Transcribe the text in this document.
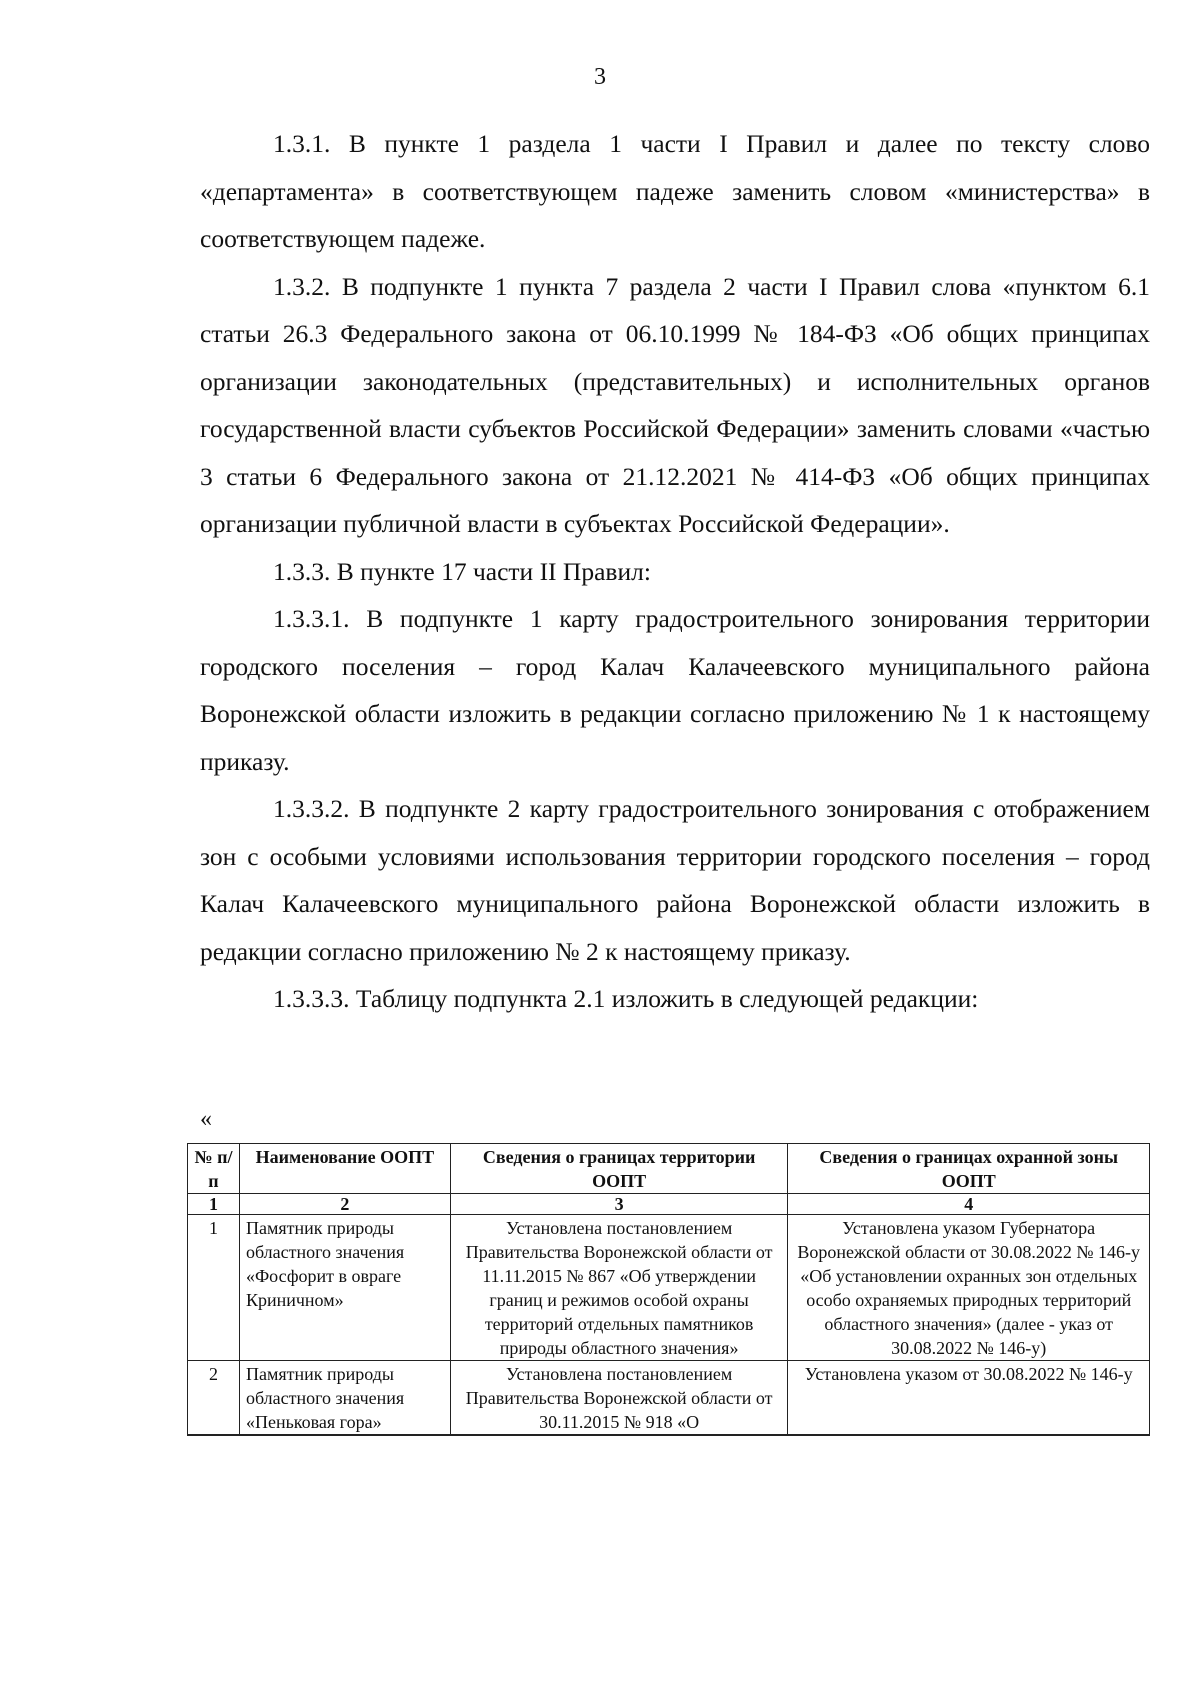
3

1.3.1. В пункте 1 раздела 1 части I Правил и далее по тексту слово «департамента» в соответствующем падеже заменить словом «министерства» в соответствующем падеже.

1.3.2. В подпункте 1 пункта 7 раздела 2 части I Правил слова «пунктом 6.1 статьи 26.3 Федерального закона от 06.10.1999 № 184-ФЗ «Об общих принципах организации законодательных (представительных) и исполнительных органов государственной власти субъектов Российской Федерации» заменить словами «частью 3 статьи 6 Федерального закона от 21.12.2021 № 414-ФЗ «Об общих принципах организации публичной власти в субъектах Российской Федерации».

1.3.3. В пункте 17 части II Правил:

1.3.3.1. В подпункте 1 карту градостроительного зонирования территории городского поселения – город Калач Калачеевского муниципального района Воронежской области изложить в редакции согласно приложению № 1 к настоящему приказу.

1.3.3.2. В подпункте 2 карту градостроительного зонирования с отображением зон с особыми условиями использования территории городского поселения – город Калач Калачеевского муниципального района Воронежской области изложить в редакции согласно приложению № 2 к настоящему приказу.

1.3.3.3. Таблицу подпункта 2.1 изложить в следующей редакции:

«
№ п/п	Наименование ООПТ	Сведения о границах территории ООПТ	Сведения о границах охранной зоны ООПТ
1	2	3	4
1	Памятник природы областного значения «Фосфорит в овраге Криничном»	Установлена постановлением Правительства Воронежской области от 11.11.2015 № 867 «Об утверждении границ и режимов особой охраны территорий отдельных памятников природы областного значения»	Установлена указом Губернатора Воронежской области от 30.08.2022 № 146-у «Об установлении охранных зон отдельных особо охраняемых природных территорий областного значения» (далее - указ от 30.08.2022 № 146-у)
2	Памятник природы областного значения «Пеньковая гора»	Установлена постановлением Правительства Воронежской области от 30.11.2015 № 918 «О	Установлена указом от 30.08.2022 № 146-у
